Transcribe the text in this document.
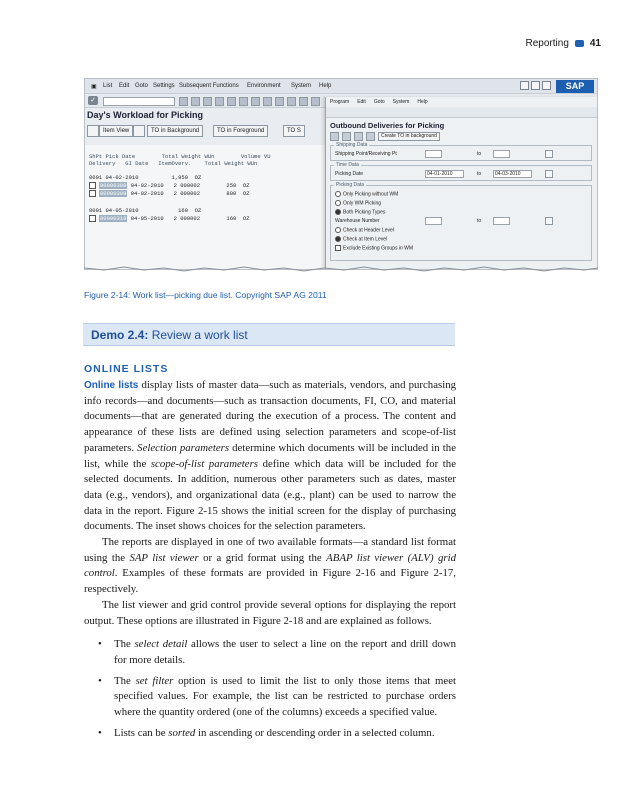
Reporting 41
▣ List Edit Goto Settings Subsequent Functions Environment System Help	SAP
✓
Day's Workload for Picking
Item View	TO in Background	TO in Foreground	TO S
ShPt Pick Date        Total Weight WUn        Volume VU
Delivery   GI Date   ItemOverv.    Total Weight WUn
0001 04-02-2010          1,950  OZ
80000398 04-02-2010   2 000002        250  OZ
80000399 04-02-2010   2 000002        800  OZ
0001 04-05-2010            160  OZ
80000318 04-05-2010   2 000002        160  OZ
Program Edit Goto System Help
Outbound Deliveries for Picking
Create TO in background
Shipping Data
Shipping Point/Receiving Pt	to
Time Data
Picking Date	04-01-2010	to	04-03-2010
Picking Data
Only Picking without WM
Only WM Picking
Both Picking Types
Warehouse Number	to
Check at Header Level
Check at Item Level
Exclude Existing Groups in WM
Figure 2-14: Work list—picking due list. Copyright SAP AG 2011
Demo 2.4: Review a work list
ONLINE LISTS

Online lists display lists of master data—such as materials, vendors, and purchasing info records—and documents—such as transaction documents, FI, CO, and material documents—that are generated during the execution of a process. The content and appearance of these lists are defined using selection parameters and scope-of-list parameters. Selection parameters determine which documents will be included in the list, while the scope-of-list parameters define which data will be included for the selected documents. In addition, numerous other parameters such as dates, master data (e.g., vendors), and organizational data (e.g., plant) can be used to narrow the data in the report. Figure 2-15 shows the initial screen for the display of purchasing documents. The inset shows choices for the selection parameters.

The reports are displayed in one of two available formats—a standard list format using the SAP list viewer or a grid format using the ABAP list viewer (ALV) grid control. Examples of these formats are provided in Figure 2-16 and Figure 2-17, respectively.

The list viewer and grid control provide several options for displaying the report output. These options are illustrated in Figure 2-18 and are explained as follows.

• The select detail allows the user to select a line on the report and drill down for more details.
• The set filter option is used to limit the list to only those items that meet specified values. For example, the list can be restricted to purchase orders where the quantity ordered (one of the columns) exceeds a specified value.
• Lists can be sorted in ascending or descending order in a selected column.
